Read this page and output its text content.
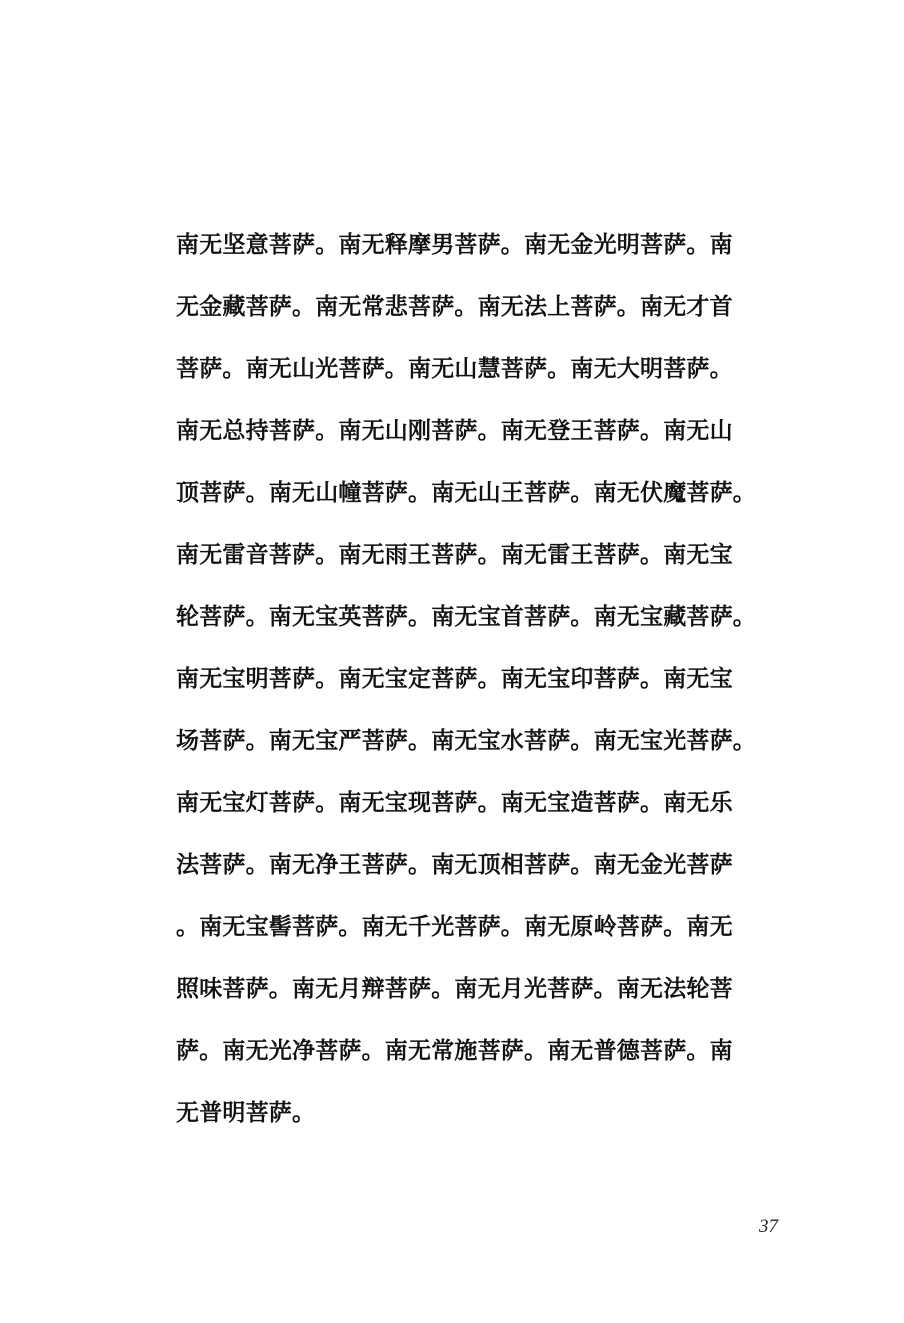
南无坚意菩萨。南无释摩男菩萨。南无金光明菩萨。南
无金藏菩萨。南无常悲菩萨。南无法上菩萨。南无才首
菩萨。南无山光菩萨。南无山慧菩萨。南无大明菩萨。
南无总持菩萨。南无山刚菩萨。南无登王菩萨。南无山
顶菩萨。南无山幢菩萨。南无山王菩萨。南无伏魔菩萨。
南无雷音菩萨。南无雨王菩萨。南无雷王菩萨。南无宝
轮菩萨。南无宝英菩萨。南无宝首菩萨。南无宝藏菩萨。
南无宝明菩萨。南无宝定菩萨。南无宝印菩萨。南无宝
场菩萨。南无宝严菩萨。南无宝水菩萨。南无宝光菩萨。
南无宝灯菩萨。南无宝现菩萨。南无宝造菩萨。南无乐
法菩萨。南无净王菩萨。南无顶相菩萨。南无金光菩萨
。南无宝髻菩萨。南无千光菩萨。南无原岭菩萨。南无
照味菩萨。南无月辩菩萨。南无月光菩萨。南无法轮菩
萨。南无光净菩萨。南无常施菩萨。南无普德菩萨。南
无普明菩萨。
37
